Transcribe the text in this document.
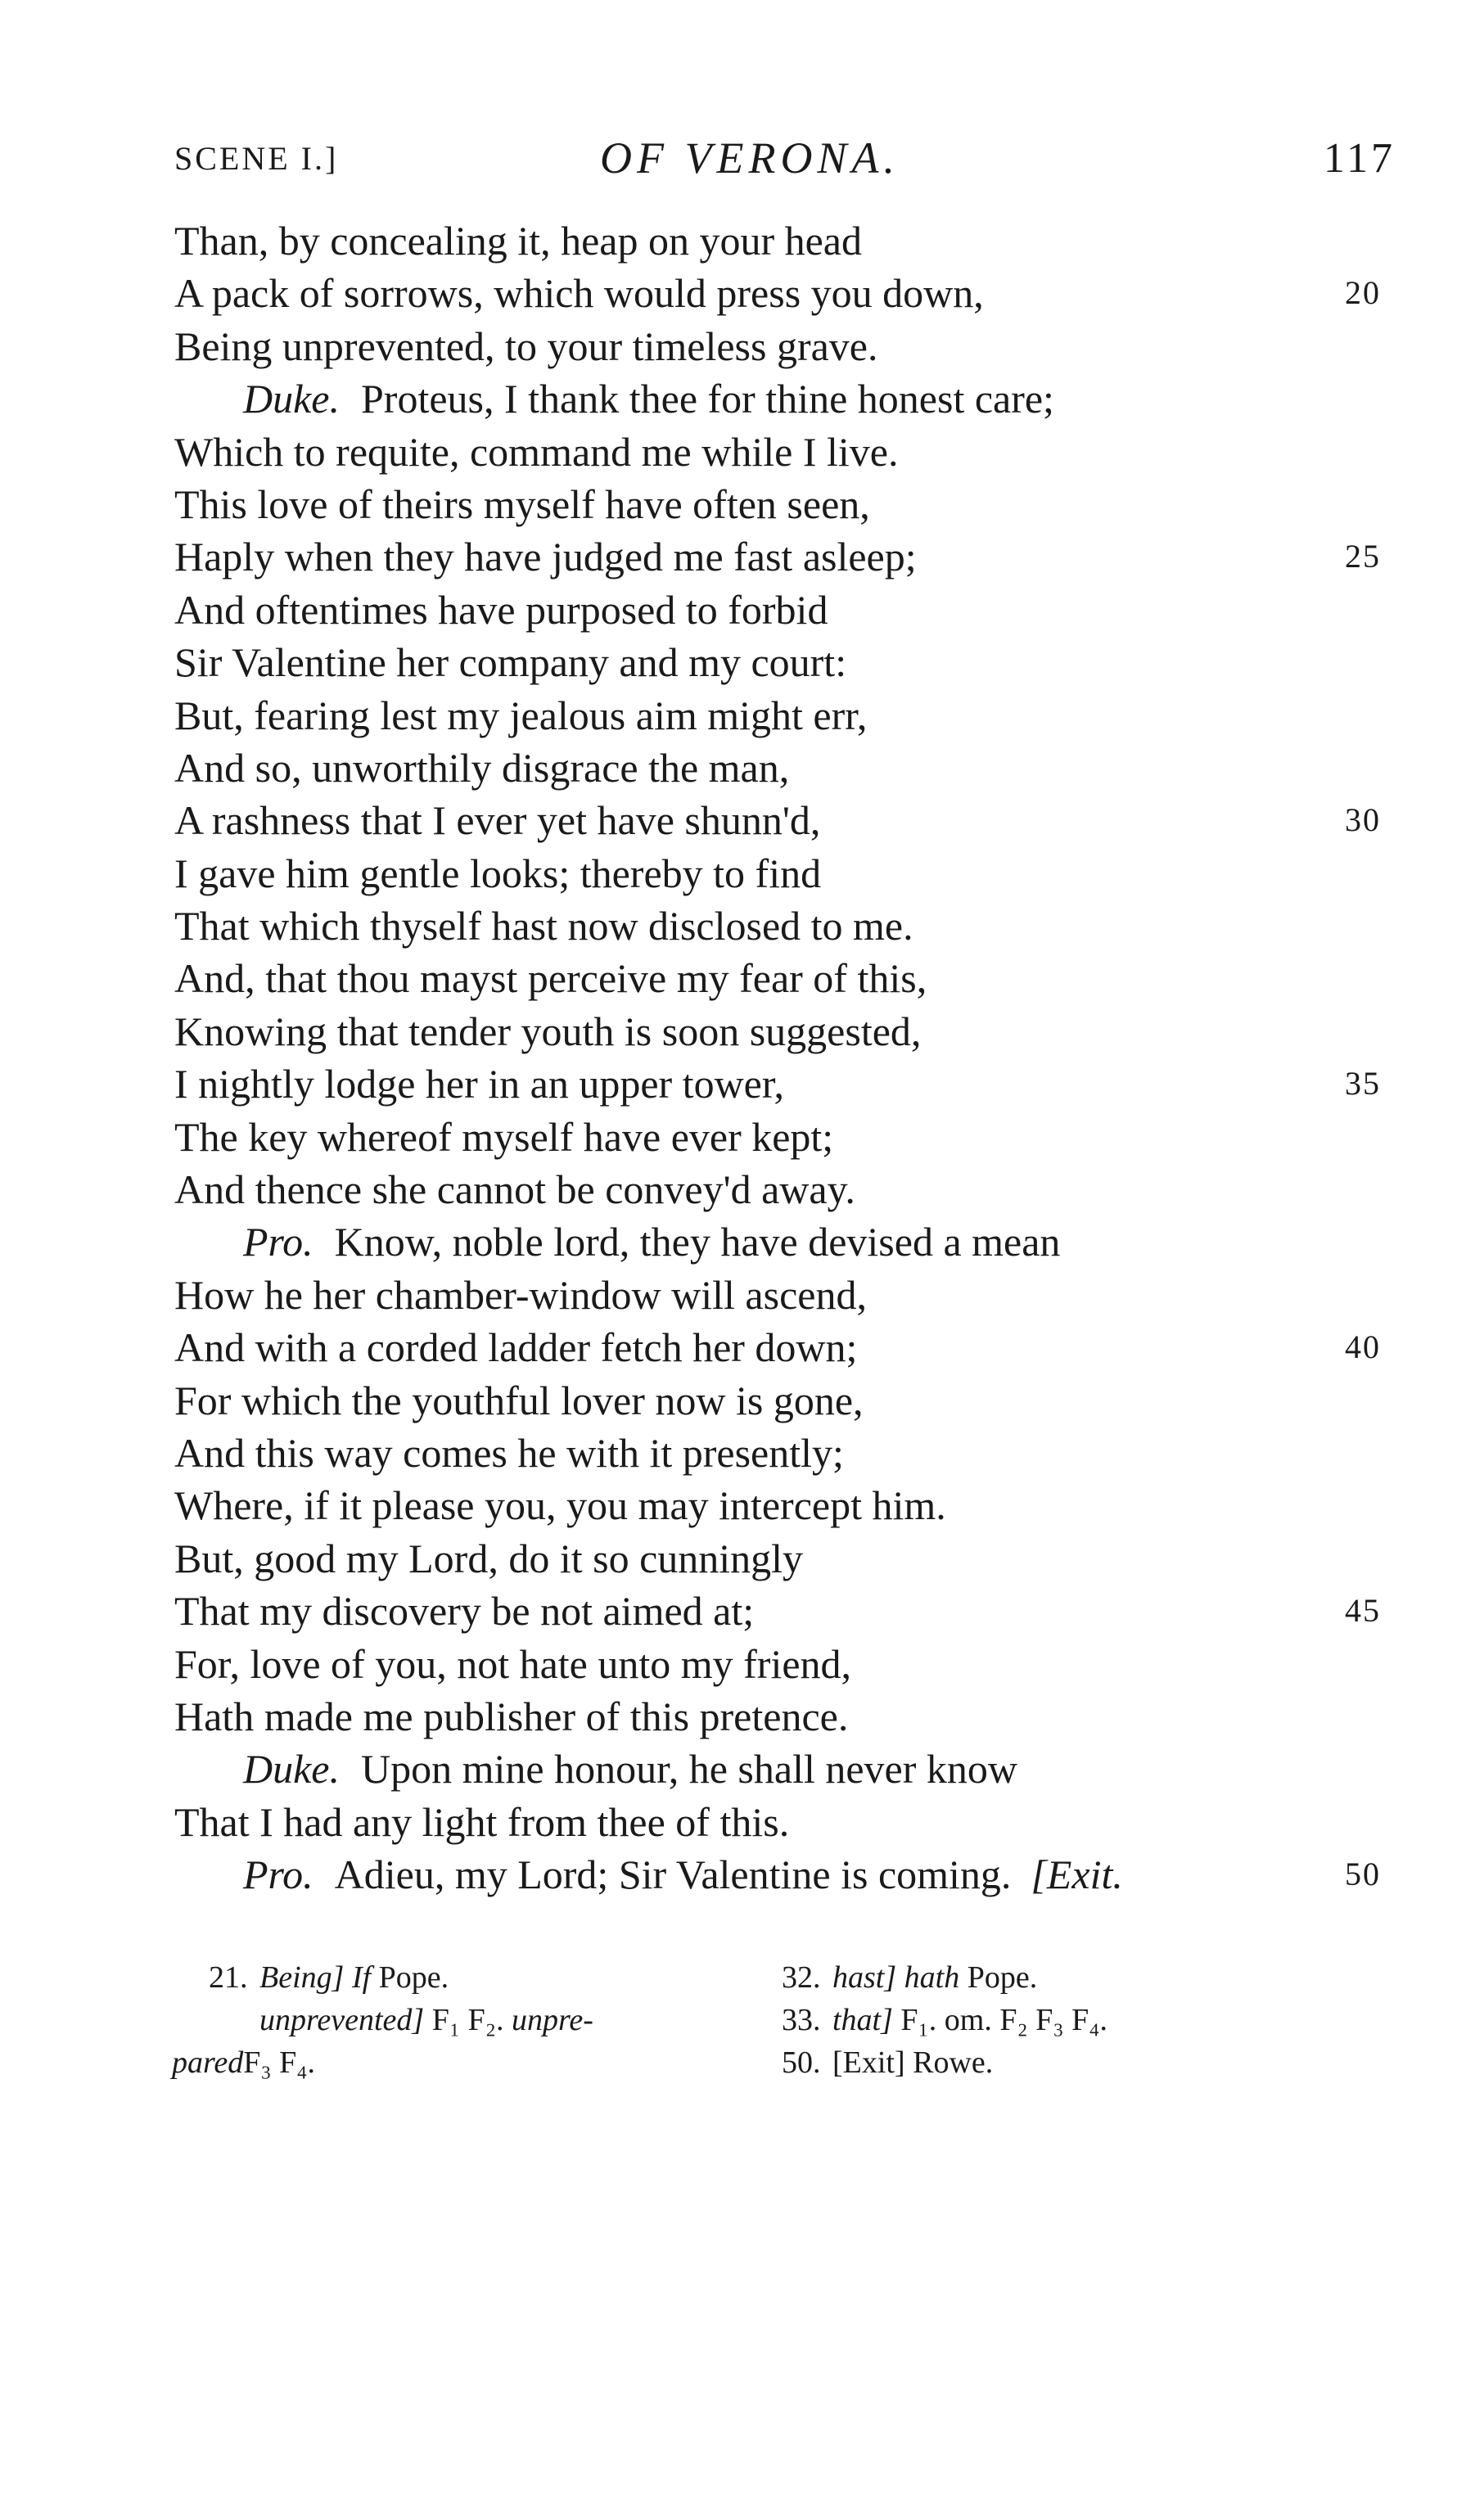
SCENE I.]	OF VERONA.	117
Than, by concealing it, heap on your head
A pack of sorrows, which would press you down,	20
Being unprevented, to your timeless grave.
Duke. Proteus, I thank thee for thine honest care;
Which to requite, command me while I live.
This love of theirs myself have often seen,
Haply when they have judged me fast asleep;	25
And oftentimes have purposed to forbid
Sir Valentine her company and my court:
But, fearing lest my jealous aim might err,
And so, unworthily disgrace the man,
A rashness that I ever yet have shunn'd,	30
I gave him gentle looks; thereby to find
That which thyself hast now disclosed to me.
And, that thou mayst perceive my fear of this,
Knowing that tender youth is soon suggested,
I nightly lodge her in an upper tower,	35
The key whereof myself have ever kept;
And thence she cannot be convey'd away.
Pro. Know, noble lord, they have devised a mean
How he her chamber-window will ascend,
And with a corded ladder fetch her down;	40
For which the youthful lover now is gone,
And this way comes he with it presently;
Where, if it please you, you may intercept him.
But, good my Lord, do it so cunningly
That my discovery be not aimed at;	45
For, love of you, not hate unto my friend,
Hath made me publisher of this pretence.
Duke. Upon mine honour, he shall never know
That I had any light from thee of this.
Pro. Adieu, my Lord; Sir Valentine is coming. [Exit.	50
21. Being] If Pope.
unprevented] F₁ F₂. unpre-
paredF₃ F₄.
32. hast] hath Pope.
33. that] F₁. om. F₂ F₃ F₄.
50. [Exit] Rowe.
